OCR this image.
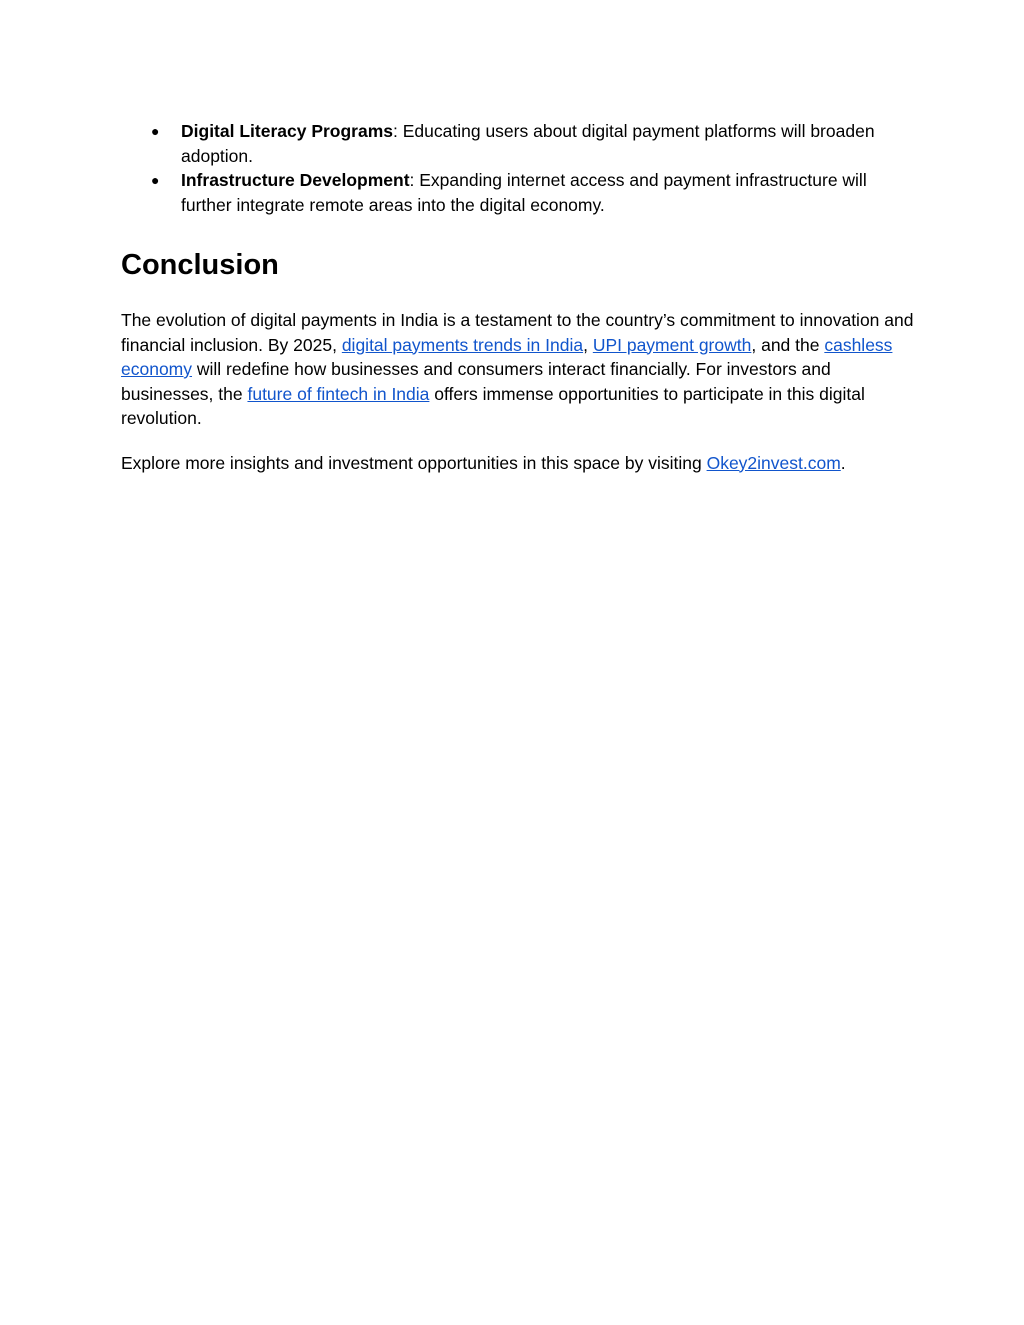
● Digital Literacy Programs: Educating users about digital payment platforms will broaden adoption.
● Infrastructure Development: Expanding internet access and payment infrastructure will further integrate remote areas into the digital economy.
Conclusion

The evolution of digital payments in India is a testament to the country’s commitment to innovation and financial inclusion. By 2025, digital payments trends in India, UPI payment growth, and the cashless economy will redefine how businesses and consumers interact financially. For investors and businesses, the future of fintech in India offers immense opportunities to participate in this digital revolution.

Explore more insights and investment opportunities in this space by visiting Okey2invest.com.
